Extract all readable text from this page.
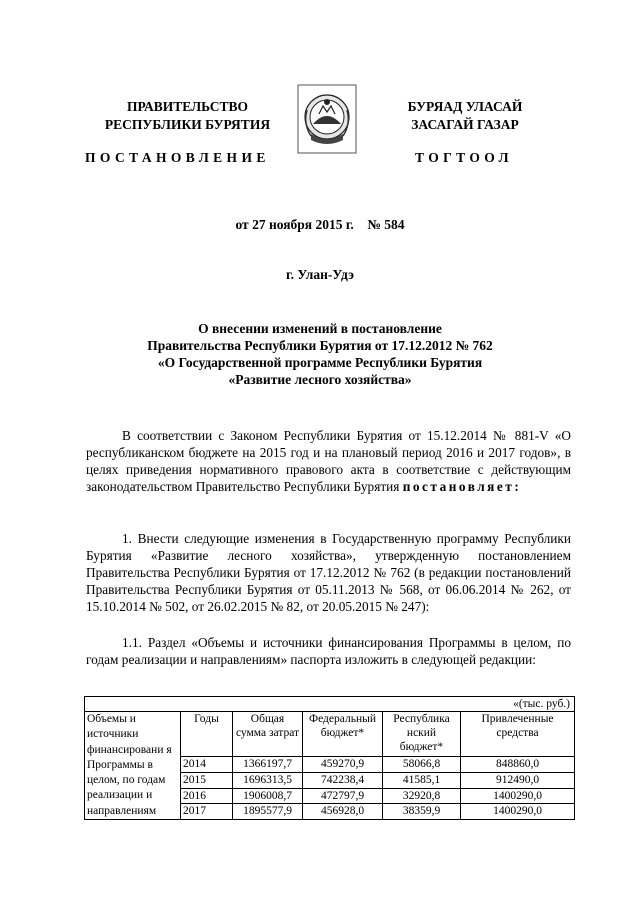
ПРАВИТЕЛЬСТВО
РЕСПУБЛИКИ БУРЯТИЯ
БУРЯАД УЛАСАЙ
ЗАСАГАЙ ГАЗАР
ПОСТАНОВЛЕНИЕ	ТОГТООЛ
от 27 ноября 2015 г. № 584
г. Улан-Удэ
О внесении изменений в постановление
Правительства Республики Бурятия от 17.12.2012 № 762
«О Государственной программе Республики Бурятия
«Развитие лесного хозяйства»

В соответствии с Законом Республики Бурятия от 15.12.2014 № 881-V «О республиканском бюджете на 2015 год и на плановый период 2016 и 2017 годов», в целях приведения нормативного правового акта в соответствие с действующим законодательством Правительство Республики Бурятия постановляет:

1. Внести следующие изменения в Государственную программу Республики Бурятия «Развитие лесного хозяйства», утвержденную постановлением Правительства Республики Бурятия от 17.12.2012 № 762 (в редакции постановлений Правительства Республики Бурятия от 05.11.2013 № 568, от 06.06.2014 № 262, от 15.10.2014 № 502, от 26.02.2015 № 82, от 20.05.2015 № 247):

1.1. Раздел «Объемы и источники финансирования Программы в целом, по годам реализации и направлениям» паспорта изложить в следующей редакции:

«(тыс. руб.)					
Объемы и источники финансировани я Программы в целом, по годам реализации и направлениям	Годы	Общая сумма затрат	Федеральный бюджет*	Республика нский бюджет*	Привлеченные средства
	2014	1366197,7	459270,9	58066,8	848860,0
	2015	1696313,5	742238,4	41585,1	912490,0
	2016	1906008,7	472797,9	32920,8	1400290,0
	2017	1895577,9	456928,0	38359,9	1400290,0
